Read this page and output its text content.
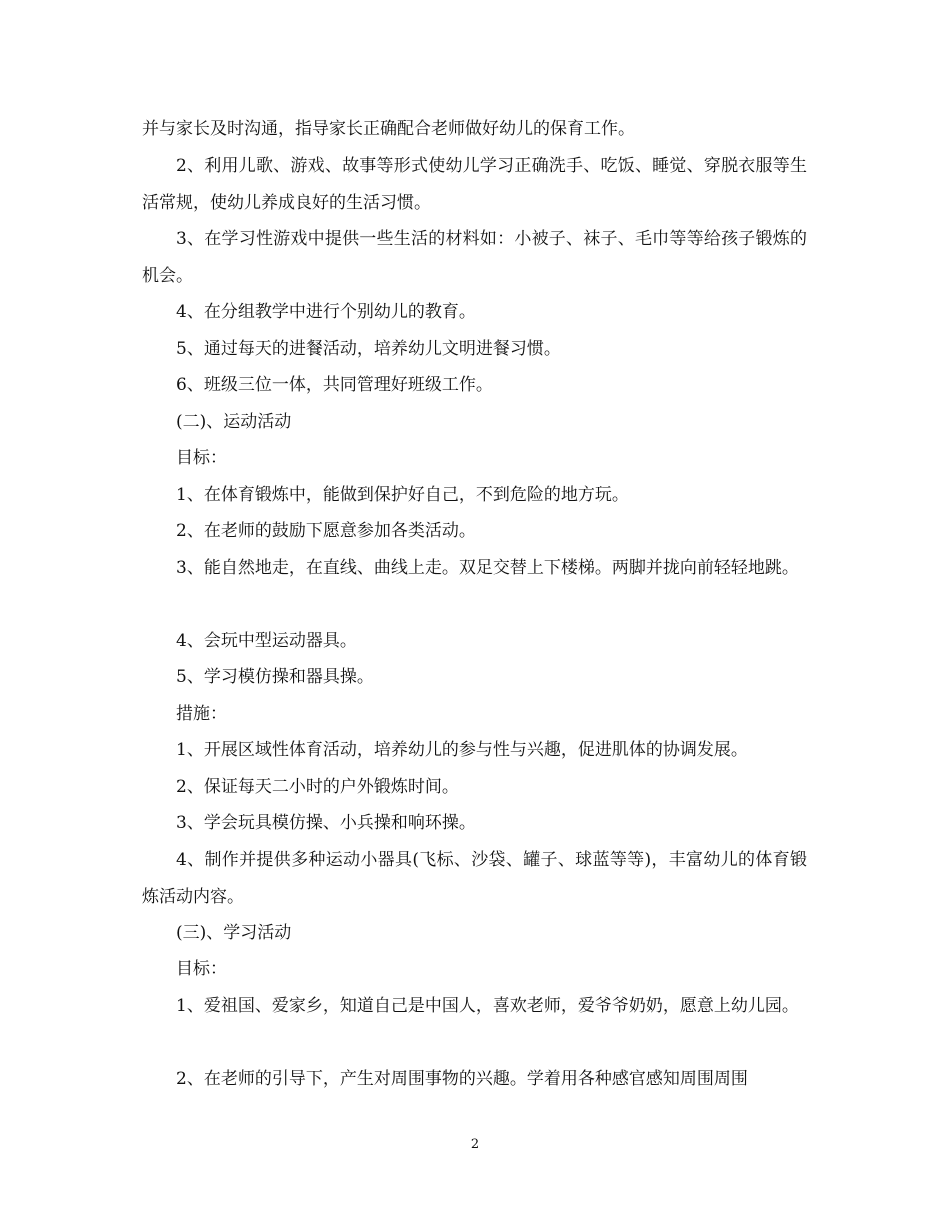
并与家长及时沟通，指导家长正确配合老师做好幼儿的保育工作。

2、利用儿歌、游戏、故事等形式使幼儿学习正确洗手、吃饭、睡觉、穿脱衣服等生活常规，使幼儿养成良好的生活习惯。

3、在学习性游戏中提供一些生活的材料如：小被子、袜子、毛巾等等给孩子锻炼的机会。

4、在分组教学中进行个别幼儿的教育。

5、通过每天的进餐活动，培养幼儿文明进餐习惯。

6、班级三位一体，共同管理好班级工作。

(二)、运动活动

目标：

1、在体育锻炼中，能做到保护好自己，不到危险的地方玩。

2、在老师的鼓励下愿意参加各类活动。

3、能自然地走，在直线、曲线上走。双足交替上下楼梯。两脚并拢向前轻轻地跳。

4、会玩中型运动器具。

5、学习模仿操和器具操。

措施：

1、开展区域性体育活动，培养幼儿的参与性与兴趣，促进肌体的协调发展。

2、保证每天二小时的户外锻炼时间。

3、学会玩具模仿操、小兵操和响环操。

4、制作并提供多种运动小器具(飞标、沙袋、罐子、球蓝等等)，丰富幼儿的体育锻炼活动内容。

(三)、学习活动

目标：

1、爱祖国、爱家乡，知道自己是中国人，喜欢老师，爱爷爷奶奶，愿意上幼儿园。

2、在老师的引导下，产生对周围事物的兴趣。学着用各种感官感知周围周围

2
